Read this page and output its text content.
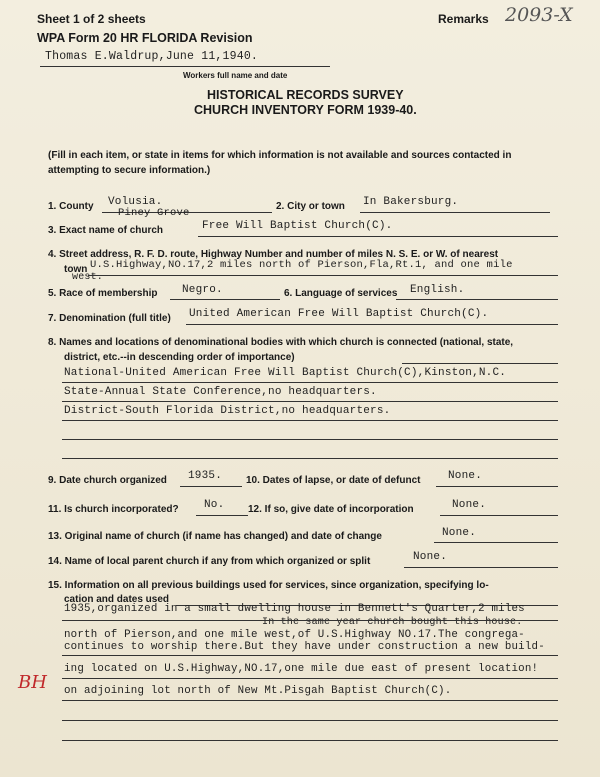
Sheet 1 of 2 sheets	Remarks 2093-X
WPA Form 20 HR FLORIDA Revision
Thomas E.Waldrup,June 11,1940.
Workers full name and date
HISTORICAL RECORDS SURVEY
CHURCH INVENTORY FORM 1939-40.
(Fill in each item, or state in items for which information is not available and sources contacted in
attempting to secure information.)
1. County Volusia.	2. City or town In Bakersburg.
Piney Grove
3. Exact name of church	Free Will Baptist Church(C).
4. Street address, R. F. D. route, Highway Number and number of miles N. S. E. or W. of nearest
town U.S.Highway,NO.17,2 miles north of Pierson,Fla,Rt.1, and one mile
west.
5. Race of membership Negro.	6. Language of services English.
7. Denomination (full title) United American Free Will Baptist Church(C).
8. Names and locations of denominational bodies with which church is connected (national, state,
district, etc.--in descending order of importance)
National-United American Free Will Baptist Church(C),Kinston,N.C.
State-Annual State Conference,no headquarters.
District-South Florida District,no headquarters.
9. Date church organized 1935. 10. Dates of lapse, or date of defunct	None.
11. Is church incorporated? No. 12. If so, give date of incorporation	None.
13. Original name of church (if name has changed) and date of change	None.
14. Name of local parent church if any from which organized or split	None.
15. Information on all previous buildings used for services, since organization, specifying lo-
cation and dates used
1935,organized in a small dwelling house in Bennett's Quarter,2 miles
In the same year church bought this house.
north of Pierson,and one mile west,of U.S.Highway NO.17.The congrega-
continues to worship there.But they have under construction a new build-
ing located on U.S.Highway,NO.17,one mile due east of present location!
on adjoining lot north of New Mt.Pisgah Baptist Church(C).
BH
